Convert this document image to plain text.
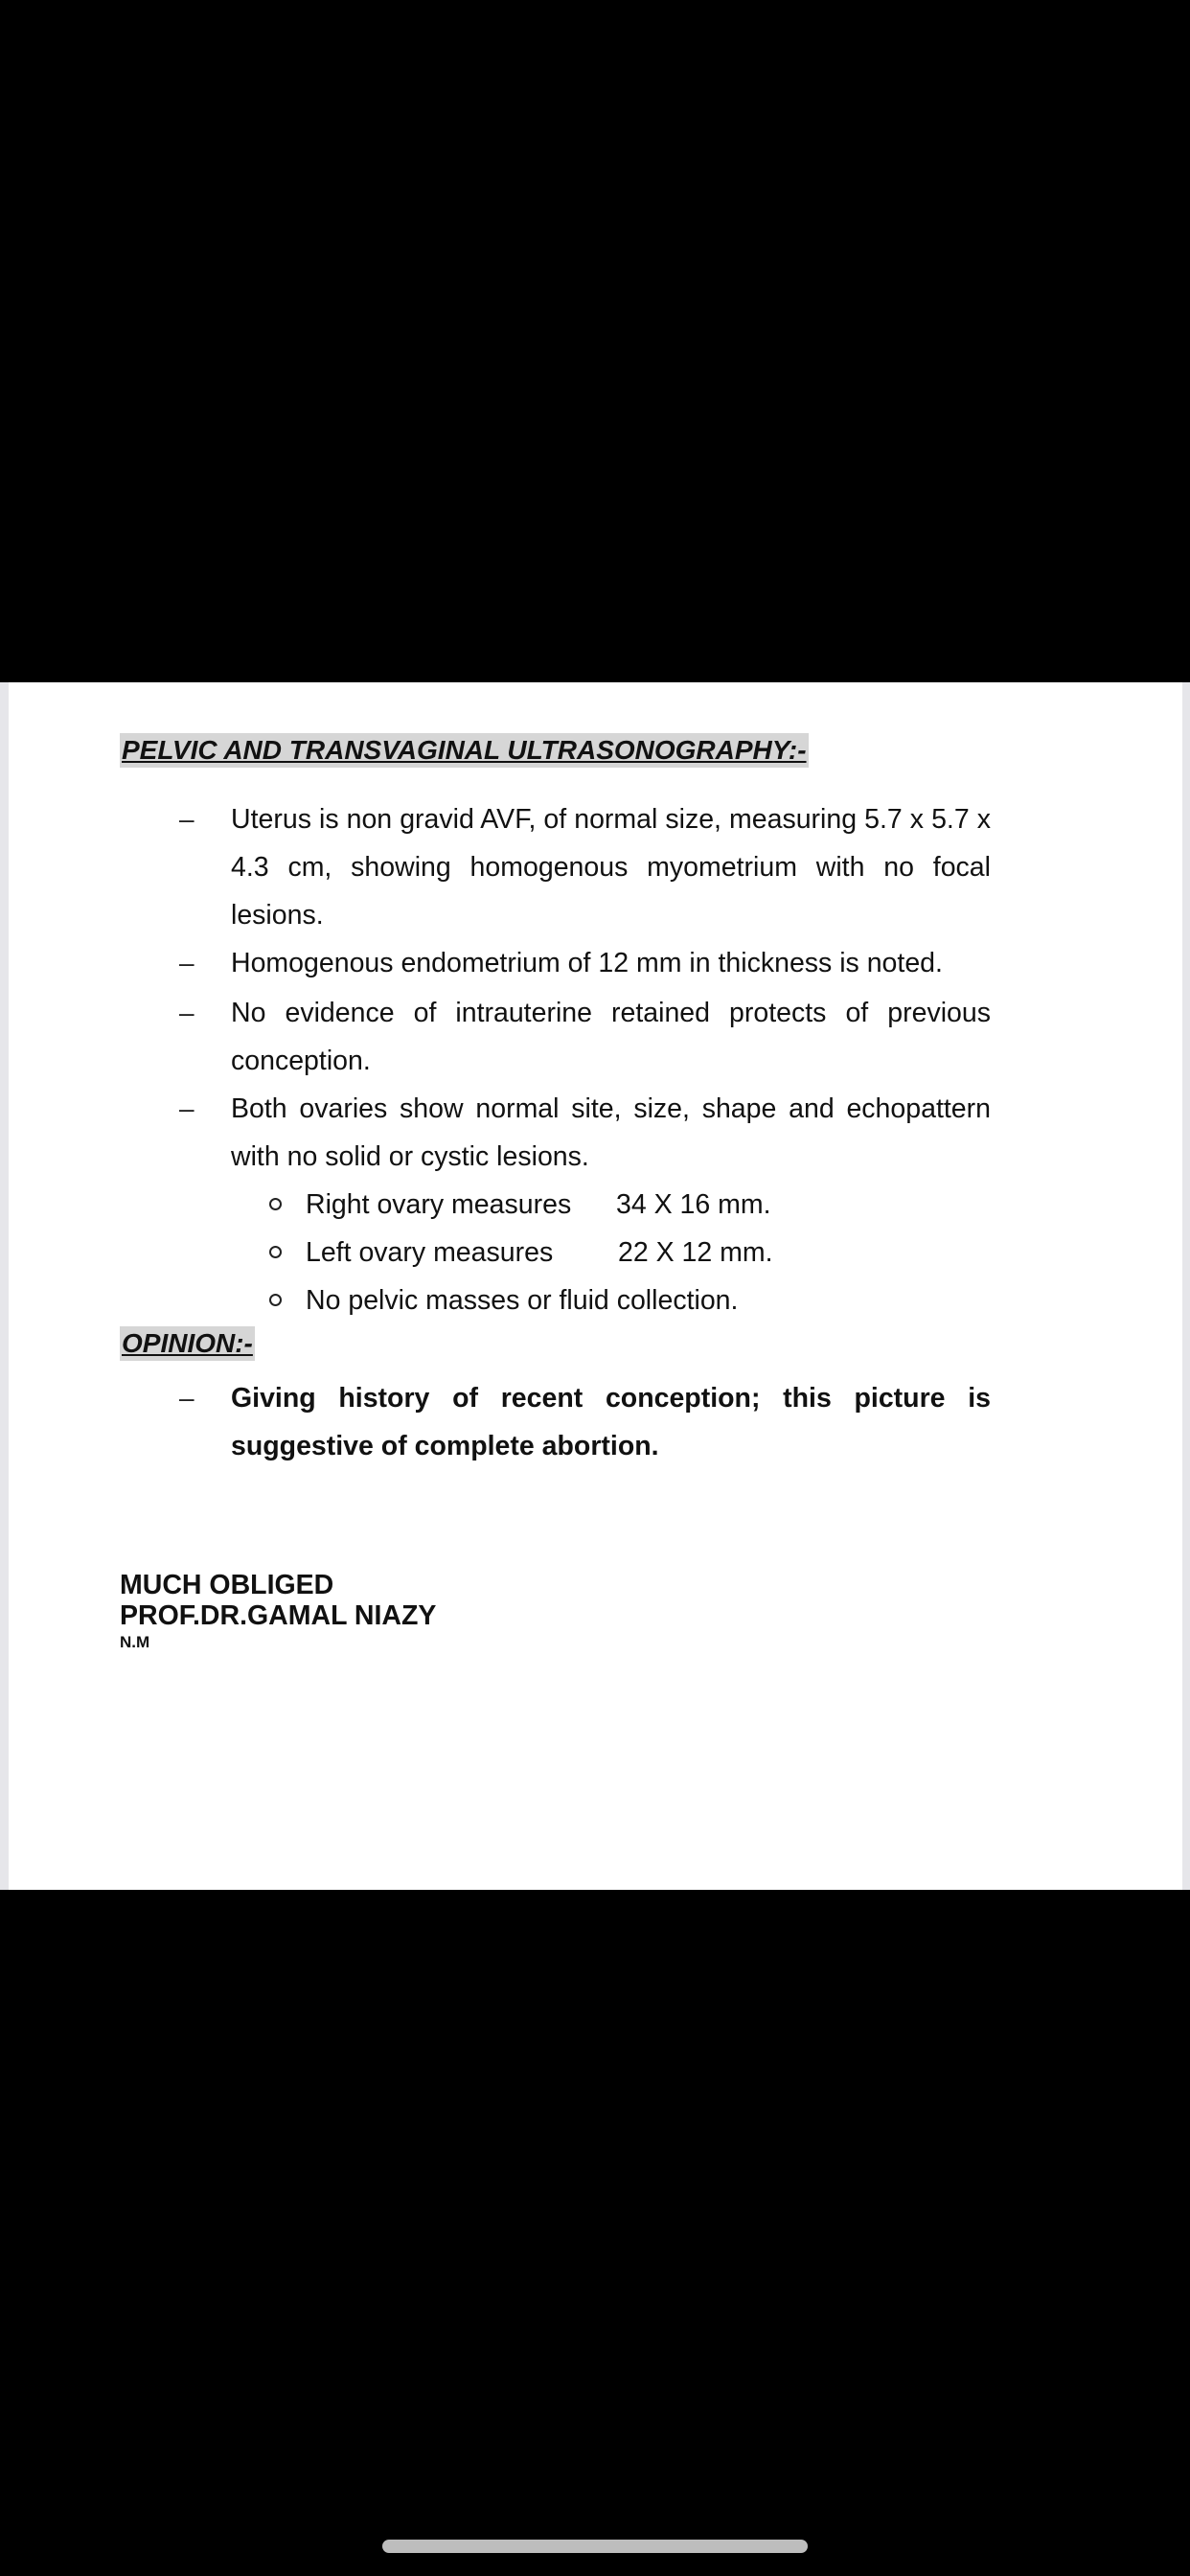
PELVIC AND TRANSVAGINAL ULTRASONOGRAPHY:-
– Uterus is non gravid AVF, of normal size, measuring 5.7 x 5.7 x 4.3 cm, showing homogenous myometrium with no focal lesions.
– Homogenous endometrium of 12 mm in thickness is noted.
– No evidence of intrauterine retained protects of previous conception.
– Both ovaries show normal site, size, shape and echopattern with no solid or cystic lesions.
Right ovary measures 34 X 16 mm.
Left ovary measures 22 X 12 mm.
No pelvic masses or fluid collection.
OPINION:-
– Giving history of recent conception; this picture is suggestive of complete abortion.
MUCH OBLIGED
PROF.DR.GAMAL NIAZY
N.M
